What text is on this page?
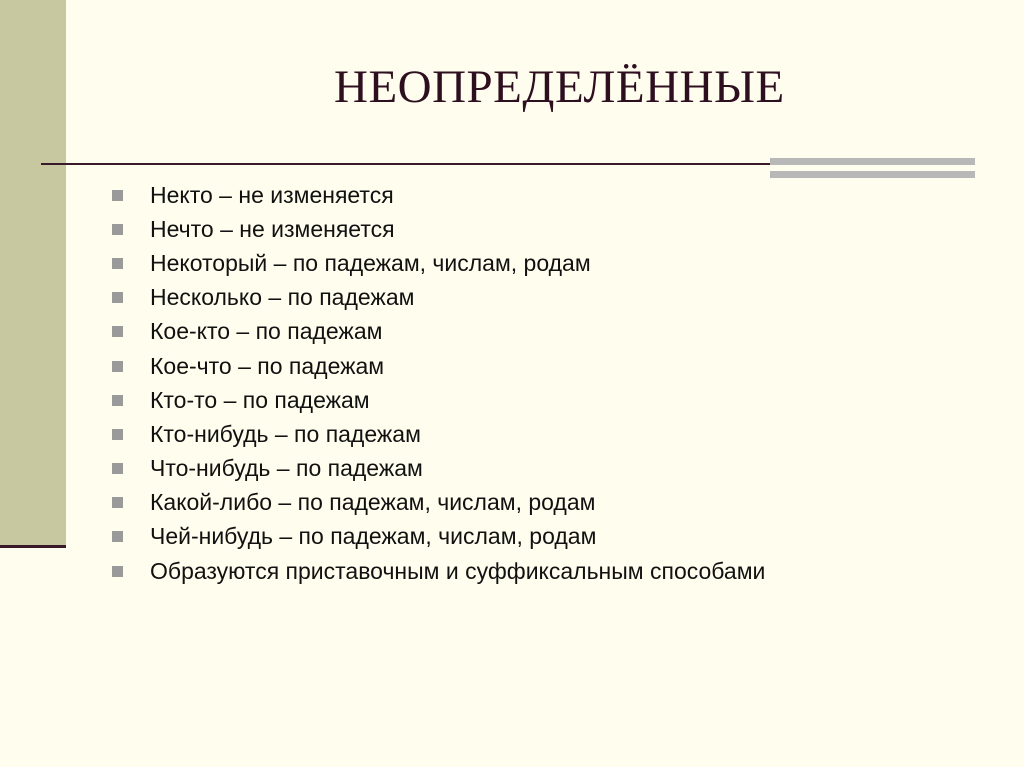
НЕОПРЕДЕЛЁННЫЕ
Некто – не изменяется
Нечто – не изменяется
Некоторый – по падежам, числам, родам
Несколько – по падежам
Кое-кто – по падежам
Кое-что – по падежам
Кто-то – по падежам
Кто-нибудь – по падежам
Что-нибудь – по падежам
Какой-либо – по падежам, числам, родам
Чей-нибудь – по падежам, числам, родам
Образуются приставочным и суффиксальным способами
